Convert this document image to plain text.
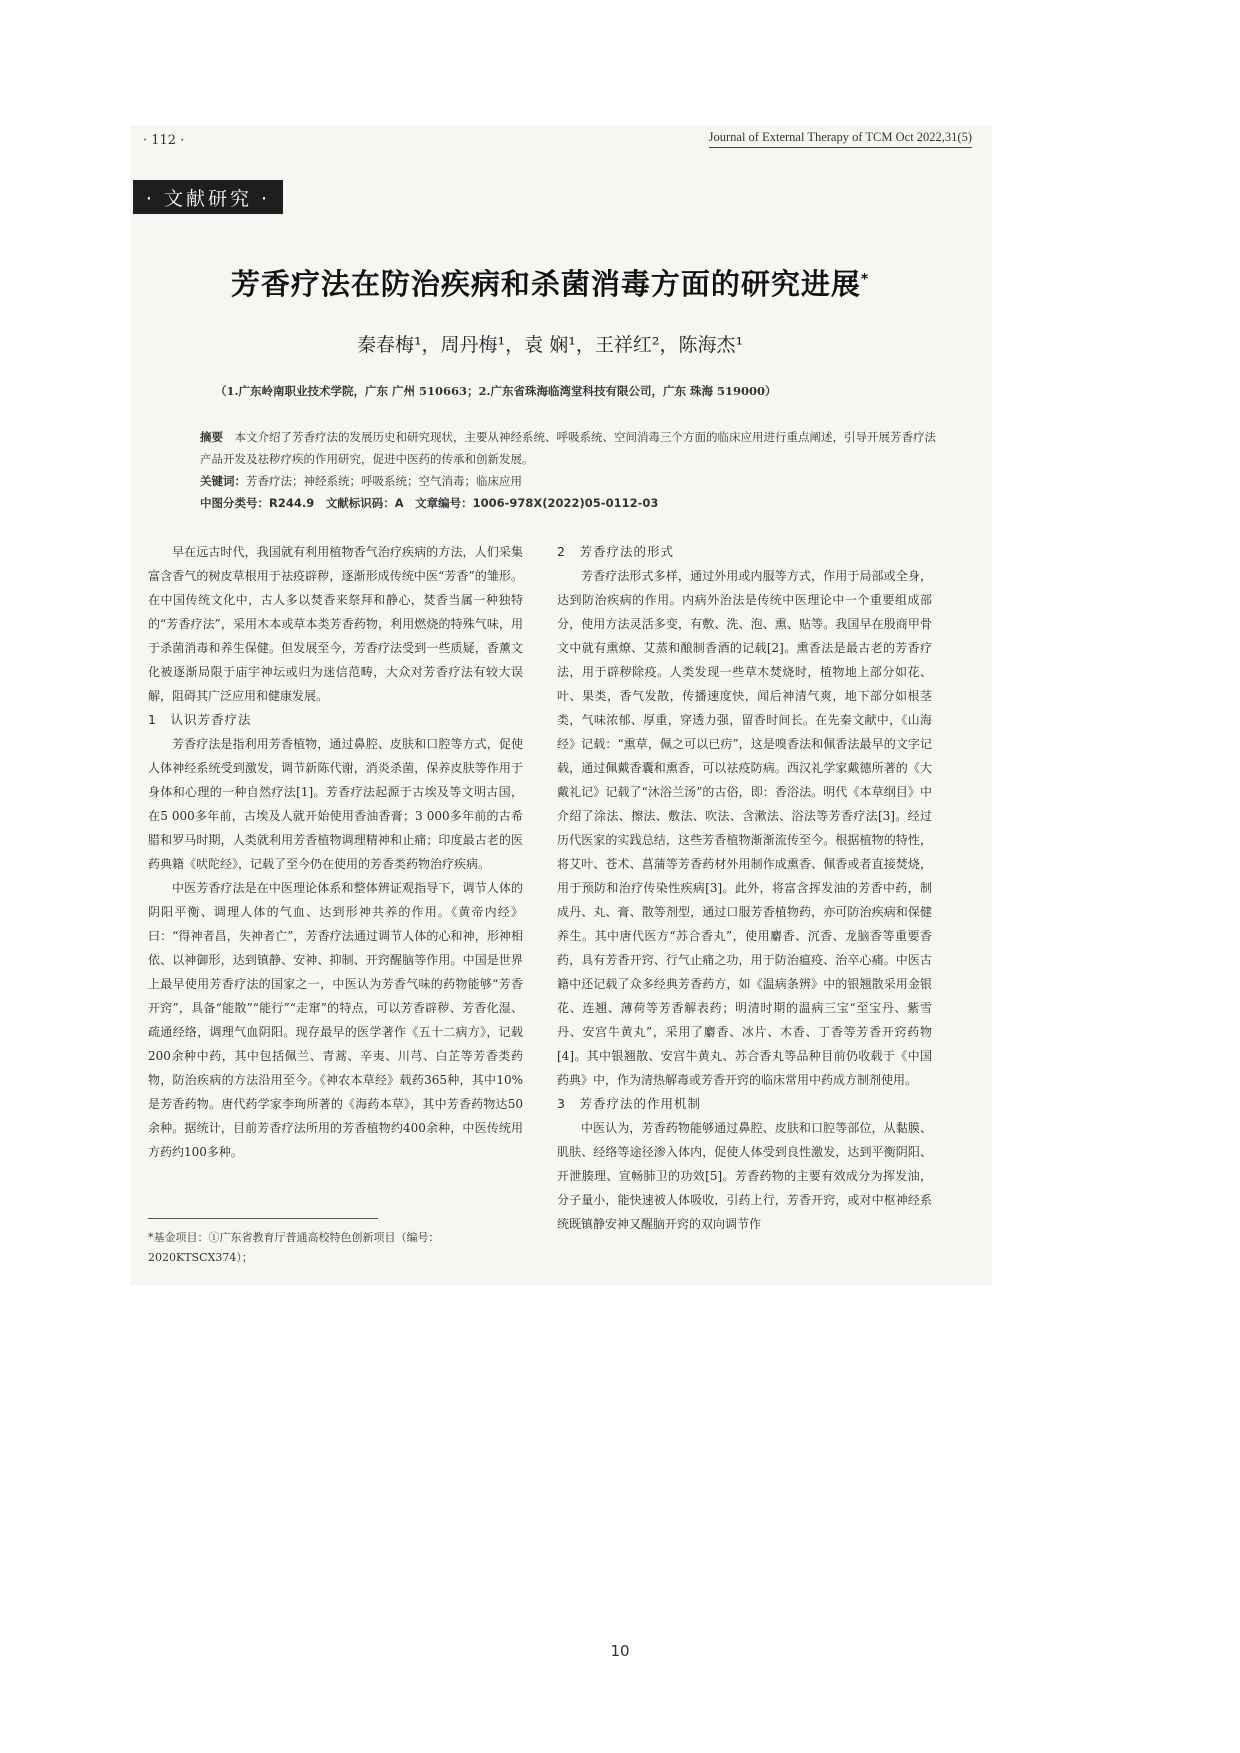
· 112 ·	Journal of External Therapy of TCM Oct 2022,31(5)
· 文献研究 ·
芳香疗法在防治疾病和杀菌消毒方面的研究进展*
秦春梅¹，周丹梅¹，袁 娴¹，王祥红²，陈海杰¹
（1.广东岭南职业技术学院，广东 广州 510663；2.广东省珠海临湾堂科技有限公司，广东 珠海 519000）
摘要　 本文介绍了芳香疗法的发展历史和研究现状，主要从神经系统、呼吸系统、空间消毒三个方面的临床应用进行重点阐述，引导开展芳香疗法产品开发及祛秽疗疾的作用研究，促进中医药的传承和创新发展。
关键词：芳香疗法；神经系统；呼吸系统；空气消毒；临床应用
中图分类号：R244.9　文献标识码：A　文章编号：1006-978X(2022)05-0112-03

早在远古时代，我国就有利用植物香气治疗疾病的方法，人们采集富含香气的树皮草根用于祛疫辟秽，逐渐形成传统中医“芳香”的雏形。在中国传统文化中，古人多以焚香来祭拜和静心，焚香当属一种独特的“芳香疗法”，采用木本或草本类芳香药物，利用燃烧的特殊气味，用于杀菌消毒和养生保健。但发展至今，芳香疗法受到一些质疑，香薰文化被逐渐局限于庙宇神坛或归为迷信范畴，大众对芳香疗法有较大误解，阻碍其广泛应用和健康发展。

1　认识芳香疗法

芳香疗法是指利用芳香植物，通过鼻腔、皮肤和口腔等方式，促使人体神经系统受到激发，调节新陈代谢，消炎杀菌，保养皮肤等作用于身体和心理的一种自然疗法[1]。芳香疗法起源于古埃及等文明古国，在5 000多年前，古埃及人就开始使用香油香膏；3 000多年前的古希腊和罗马时期，人类就利用芳香植物调理精神和止痛；印度最古老的医药典籍《吠陀经》，记载了至今仍在使用的芳香类药物治疗疾病。

中医芳香疗法是在中医理论体系和整体辨证观指导下，调节人体的阴阳平衡、调理人体的气血、达到形神共养的作用。《黄帝内经》曰：“得神者昌，失神者亡”，芳香疗法通过调节人体的心和神，形神相依、以神御形，达到镇静、安神、抑制、开窍醒脑等作用。中国是世界上最早使用芳香疗法的国家之一，中医认为芳香气味的药物能够“芳香开窍”，具备“能散”“能行”“走窜”的特点，可以芳香辟秽、芳香化湿、疏通经络，调理气血阴阳。现存最早的医学著作《五十二病方》，记载200余种中药，其中包括佩兰、青蒿、辛夷、川芎、白芷等芳香类药物，防治疾病的方法沿用至今。《神农本草经》载药365种，其中10%是芳香药物。唐代药学家李珣所著的《海药本草》，其中芳香药物达50余种。据统计，目前芳香疗法所用的芳香植物约400余种，中医传统用方药约100多种。

2　芳香疗法的形式

芳香疗法形式多样，通过外用或内服等方式，作用于局部或全身，达到防治疾病的作用。内病外治法是传统中医理论中一个重要组成部分，使用方法灵活多变，有敷、洗、泡、熏、贴等。我国早在殷商甲骨文中就有熏燎、艾蒸和酿制香酒的记载[2]。熏香法是最古老的芳香疗法，用于辟秽除疫。人类发现一些草木焚烧时，植物地上部分如花、叶、果类，香气发散，传播速度快，闻后神清气爽，地下部分如根茎类，气味浓郁、厚重，穿透力强，留香时间长。在先秦文献中，《山海经》记载：“熏草，佩之可以已疠”，这是嗅香法和佩香法最早的文字记载，通过佩戴香囊和熏香，可以祛疫防病。西汉礼学家戴德所著的《大戴礼记》记载了“沐浴兰汤”的古俗，即：香浴法。明代《本草纲目》中介绍了涂法、擦法、敷法、吹法、含漱法、浴法等芳香疗法[3]。经过历代医家的实践总结，这些芳香植物渐渐流传至今。根据植物的特性，将艾叶、苍术、菖蒲等芳香药材外用制作成熏香、佩香或者直接焚烧，用于预防和治疗传染性疾病[3]。此外，将富含挥发油的芳香中药，制成丹、丸、膏、散等剂型，通过口服芳香植物药，亦可防治疾病和保健养生。其中唐代医方“苏合香丸”，使用麝香、沉香、龙脑香等重要香药，具有芳香开窍、行气止痛之功，用于防治瘟疫、治卒心痛。中医古籍中还记载了众多经典芳香药方，如《温病条辨》中的银翘散采用金银花、连翘、薄荷等芳香解表药；明清时期的温病三宝“至宝丹、紫雪丹、安宫牛黄丸”，采用了麝香、冰片、木香、丁香等芳香开窍药物[4]。其中银翘散、安宫牛黄丸、苏合香丸等品种目前仍收载于《中国药典》中，作为清热解毒或芳香开窍的临床常用中药成方制剂使用。

3　芳香疗法的作用机制

中医认为，芳香药物能够通过鼻腔、皮肤和口腔等部位，从黏膜、肌肤、经络等途径渗入体内，促使人体受到良性激发，达到平衡阴阳、开泄腠理、宣畅肺卫的功效[5]。芳香药物的主要有效成分为挥发油，分子量小，能快速被人体吸收，引药上行，芳香开窍，或对中枢神经系统既镇静安神又醒脑开窍的双向调节作

*基金项目：①广东省教育厅普通高校特色创新项目（编号：2020KTSCX374）；
10
